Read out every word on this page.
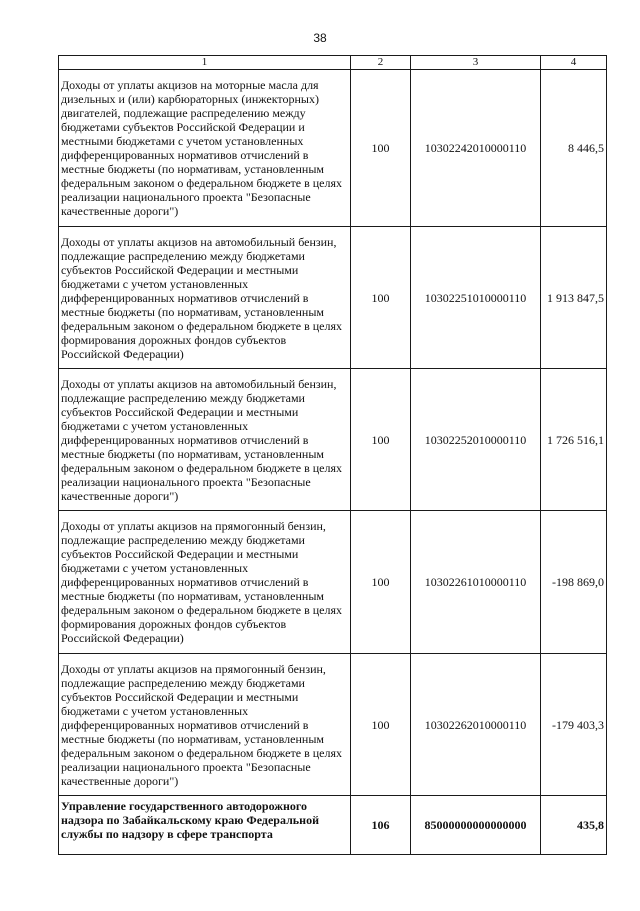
38
1	2	3	4
Доходы от уплаты акцизов на моторные масла для дизельных и (или) карбюраторных (инжекторных) двигателей, подлежащие распределению между бюджетами субъектов Российской Федерации и местными бюджетами с учетом установленных дифференцированных нормативов отчислений в местные бюджеты (по нормативам, установленным федеральным законом о федеральном бюджете в целях реализации национального проекта "Безопасные качественные дороги")	100	10302242010000110	8 446,5
Доходы от уплаты акцизов на автомобильный бензин, подлежащие распределению между бюджетами субъектов Российской Федерации и местными бюджетами с учетом установленных дифференцированных нормативов отчислений в местные бюджеты (по нормативам, установленным федеральным законом о федеральном бюджете в целях формирования дорожных фондов субъектов Российской Федерации)	100	10302251010000110	1 913 847,5
Доходы от уплаты акцизов на автомобильный бензин, подлежащие распределению между бюджетами субъектов Российской Федерации и местными бюджетами с учетом установленных дифференцированных нормативов отчислений в местные бюджеты (по нормативам, установленным федеральным законом о федеральном бюджете в целях реализации национального проекта "Безопасные качественные дороги")	100	10302252010000110	1 726 516,1
Доходы от уплаты акцизов на прямогонный бензин, подлежащие распределению между бюджетами субъектов Российской Федерации и местными бюджетами с учетом установленных дифференцированных нормативов отчислений в местные бюджеты (по нормативам, установленным федеральным законом о федеральном бюджете в целях формирования дорожных фондов субъектов Российской Федерации)	100	10302261010000110	-198 869,0
Доходы от уплаты акцизов на прямогонный бензин, подлежащие распределению между бюджетами субъектов Российской Федерации и местными бюджетами с учетом установленных дифференцированных нормативов отчислений в местные бюджеты (по нормативам, установленным федеральным законом о федеральном бюджете в целях реализации национального проекта "Безопасные качественные дороги")	100	10302262010000110	-179 403,3
Управление государственного автодорожного надзора по Забайкальскому краю Федеральной службы по надзору в сфере транспорта	106	85000000000000000	435,8
